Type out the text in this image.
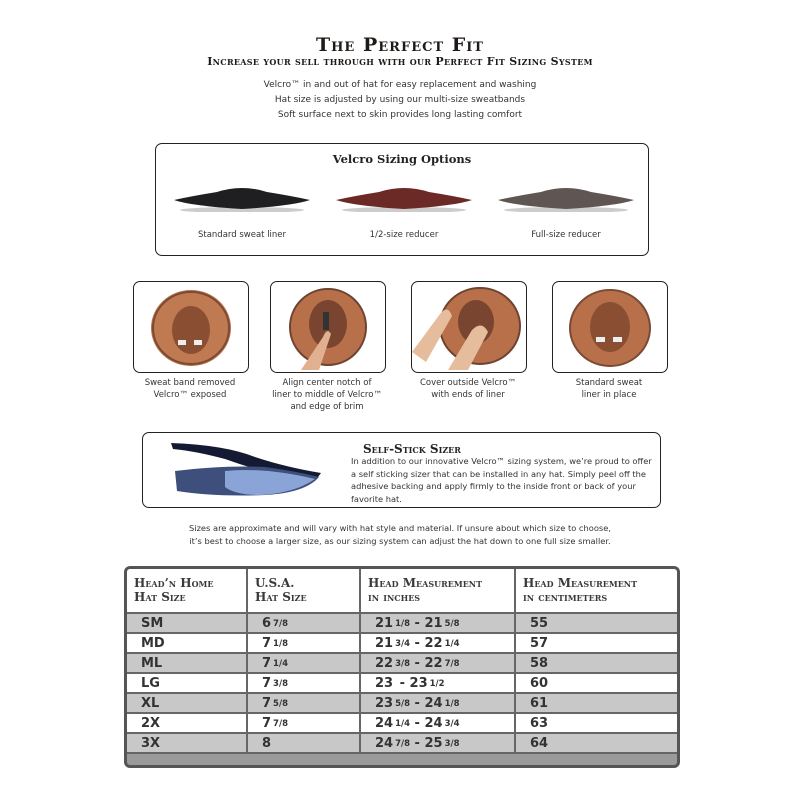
The Perfect Fit
Increase your sell through with our Perfect Fit Sizing System
Velcro™ in and out of hat for easy replacement and washing
Hat size is adjusted by using our multi-size sweatbands
Soft surface next to skin provides long lasting comfort
Velcro Sizing Options
Standard sweat liner	1/2-size reducer	Full-size reducer
Sweat band removed
Velcro™ exposed
Align center notch of
liner to middle of Velcro™
and edge of brim
Cover outside Velcro™
with ends of liner
Standard sweat
liner in place
Self-Stick Sizer
In addition to our innovative Velcro™ sizing system, we’re proud to offer a self sticking sizer that can be installed in any hat. Simply peel off the adhesive backing and apply firmly to the inside front or back of your favorite hat.
Sizes are approximate and will vary with hat style and material. If unsure about which size to choose,
it’s best to choose a larger size, as our sizing system can adjust the hat down to one full size smaller.
Head’n Home
Hat Size

U.S.A.
Hat Size

Head Measurement
in inches

Head Measurement
in centimeters

SM	6 7/8	21 1/8 - 21 5/8	55
MD	7 1/8	21 3/4 - 22 1/4	57
ML	7 1/4	22 3/8 - 22 7/8	58
LG	7 3/8	23 - 23 1/2	60
XL	7 5/8	23 5/8 - 24 1/8	61
2X	7 7/8	24 1/4 - 24 3/4	63
3X	8	24 7/8 - 25 3/8	64
